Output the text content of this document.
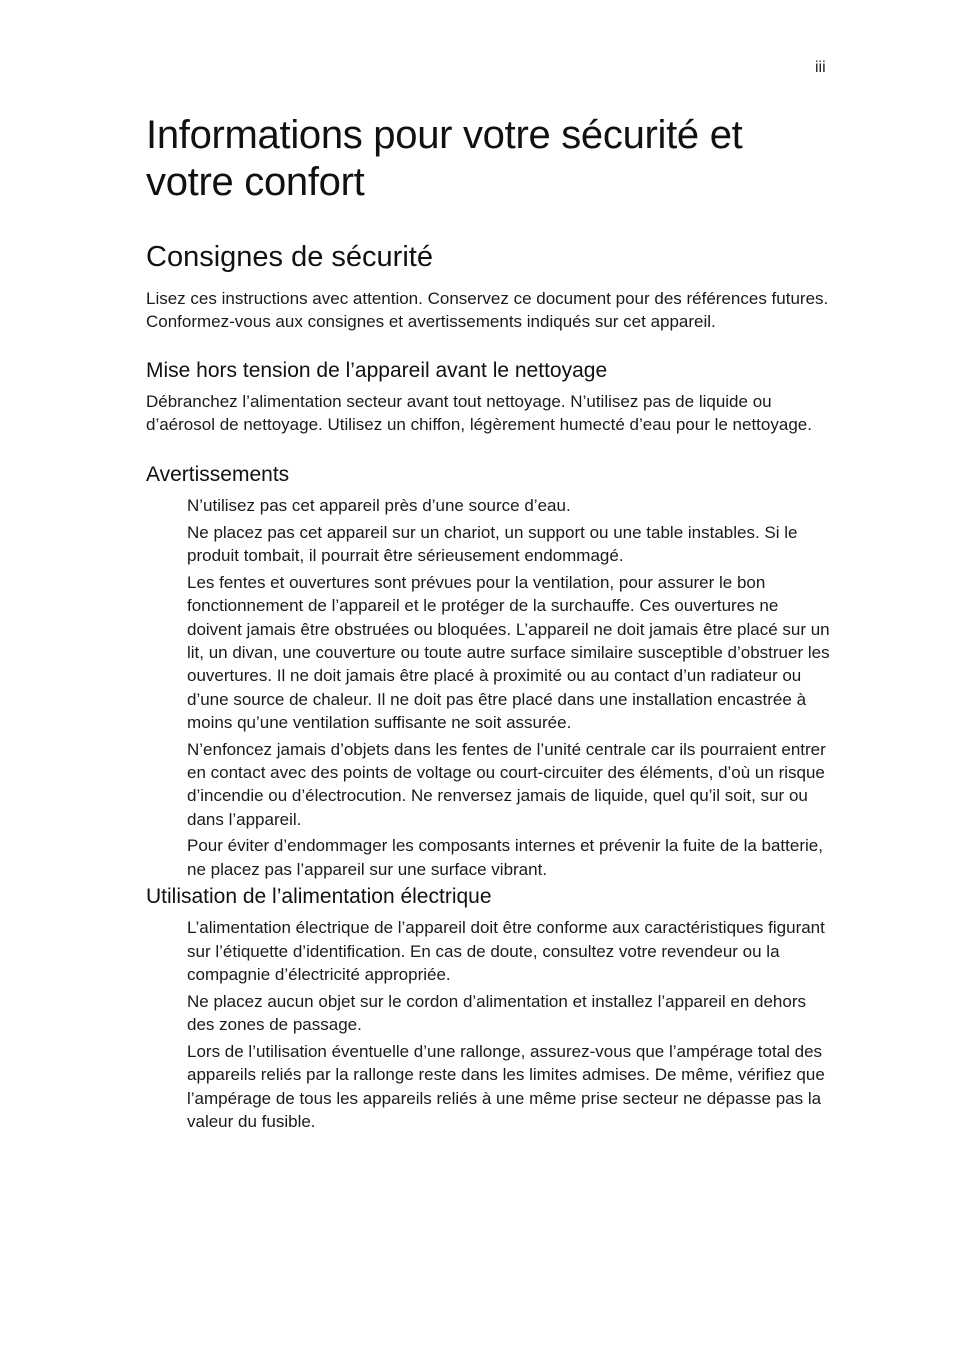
iii
Informations pour votre sécurité et votre confort
Consignes de sécurité

Lisez ces instructions avec attention. Conservez ce document pour des références futures. Conformez-vous aux consignes et avertissements indiqués sur cet appareil.

Mise hors tension de l’appareil avant le nettoyage

Débranchez l’alimentation secteur avant tout nettoyage. N’utilisez pas de liquide ou d’aérosol de nettoyage. Utilisez un chiffon, légèrement humecté d’eau pour le nettoyage.

Avertissements
N’utilisez pas cet appareil près d’une source d’eau.
Ne placez pas cet appareil sur un chariot, un support ou une table instables. Si le produit tombait, il pourrait être sérieusement endommagé.
Les fentes et ouvertures sont prévues pour la ventilation, pour assurer le bon fonctionnement de l’appareil et le protéger de la surchauffe. Ces ouvertures ne doivent jamais être obstruées ou bloquées. L’appareil ne doit jamais être placé sur un lit, un divan, une couverture ou toute autre surface similaire susceptible d’obstruer les ouvertures. Il ne doit jamais être placé à proximité ou au contact d’un radiateur ou d’une source de chaleur. Il ne doit pas être placé dans une installation encastrée à moins qu’une ventilation suffisante ne soit assurée.
N’enfoncez jamais d’objets dans les fentes de l’unité centrale car ils pourraient entrer en contact avec des points de voltage ou court-circuiter des éléments, d’où un risque d’incendie ou d’électrocution. Ne renversez jamais de liquide, quel qu’il soit, sur ou dans l’appareil.
Pour éviter d’endommager les composants internes et prévenir la fuite de la batterie, ne placez pas l’appareil sur une surface vibrant.
Utilisation de l’alimentation électrique
L’alimentation électrique de l’appareil doit être conforme aux caractéristiques figurant sur l’étiquette d’identification. En cas de doute, consultez votre revendeur ou la compagnie d’électricité appropriée.
Ne placez aucun objet sur le cordon d’alimentation et installez l’appareil en dehors des zones de passage.
Lors de l’utilisation éventuelle d’une rallonge, assurez-vous que l’ampérage total des appareils reliés par la rallonge reste dans les limites admises. De même, vérifiez que l’ampérage de tous les appareils reliés à une même prise secteur ne dépasse pas la valeur du fusible.
